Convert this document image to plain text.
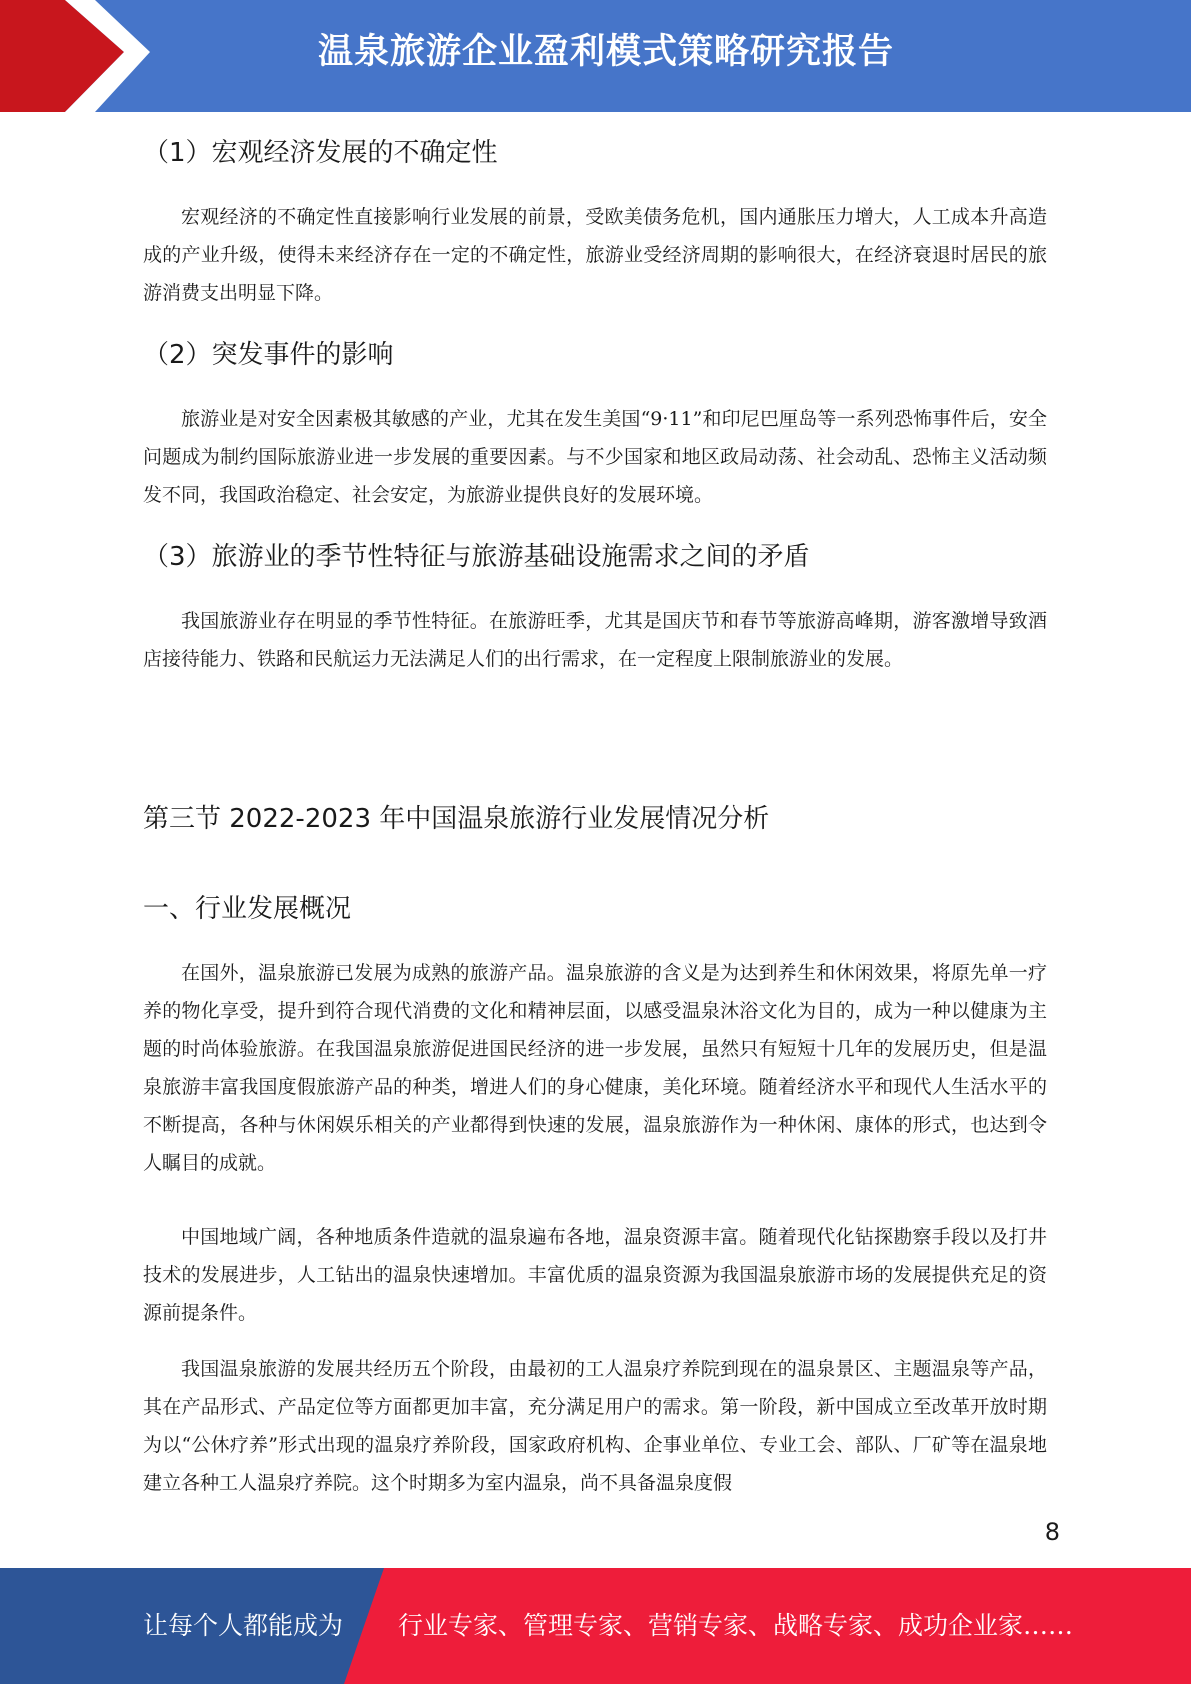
温泉旅游企业盈利模式策略研究报告
（1）宏观经济发展的不确定性

宏观经济的不确定性直接影响行业发展的前景，受欧美债务危机，国内通胀压力增大，人工成本升高造成的产业升级，使得未来经济存在一定的不确定性，旅游业受经济周期的影响很大，在经济衰退时居民的旅游消费支出明显下降。

（2）突发事件的影响

旅游业是对安全因素极其敏感的产业，尤其在发生美国“9·11”和印尼巴厘岛等一系列恐怖事件后，安全问题成为制约国际旅游业进一步发展的重要因素。与不少国家和地区政局动荡、社会动乱、恐怖主义活动频发不同，我国政治稳定、社会安定，为旅游业提供良好的发展环境。

（3）旅游业的季节性特征与旅游基础设施需求之间的矛盾

我国旅游业存在明显的季节性特征。在旅游旺季，尤其是国庆节和春节等旅游高峰期，游客激增导致酒店接待能力、铁路和民航运力无法满足人们的出行需求，在一定程度上限制旅游业的发展。

第三节 2022-2023 年中国温泉旅游行业发展情况分析
一、行业发展概况

在国外，温泉旅游已发展为成熟的旅游产品。温泉旅游的含义是为达到养生和休闲效果，将原先单一疗养的物化享受，提升到符合现代消费的文化和精神层面，以感受温泉沐浴文化为目的，成为一种以健康为主题的时尚体验旅游。在我国温泉旅游促进国民经济的进一步发展，虽然只有短短十几年的发展历史，但是温泉旅游丰富我国度假旅游产品的种类，增进人们的身心健康，美化环境。随着经济水平和现代人生活水平的不断提高，各种与休闲娱乐相关的产业都得到快速的发展，温泉旅游作为一种休闲、康体的形式，也达到令人瞩目的成就。

中国地域广阔，各种地质条件造就的温泉遍布各地，温泉资源丰富。随着现代化钻探勘察手段以及打井技术的发展进步，人工钻出的温泉快速增加。丰富优质的温泉资源为我国温泉旅游市场的发展提供充足的资源前提条件。

我国温泉旅游的发展共经历五个阶段，由最初的工人温泉疗养院到现在的温泉景区、主题温泉等产品，其在产品形式、产品定位等方面都更加丰富，充分满足用户的需求。第一阶段，新中国成立至改革开放时期为以“公休疗养”形式出现的温泉疗养阶段，国家政府机构、企事业单位、专业工会、部队、厂矿等在温泉地建立各种工人温泉疗养院。这个时期多为室内温泉，尚不具备温泉度假

8
让每个人都能成为 行业专家、管理专家、营销专家、战略专家、成功企业家……
